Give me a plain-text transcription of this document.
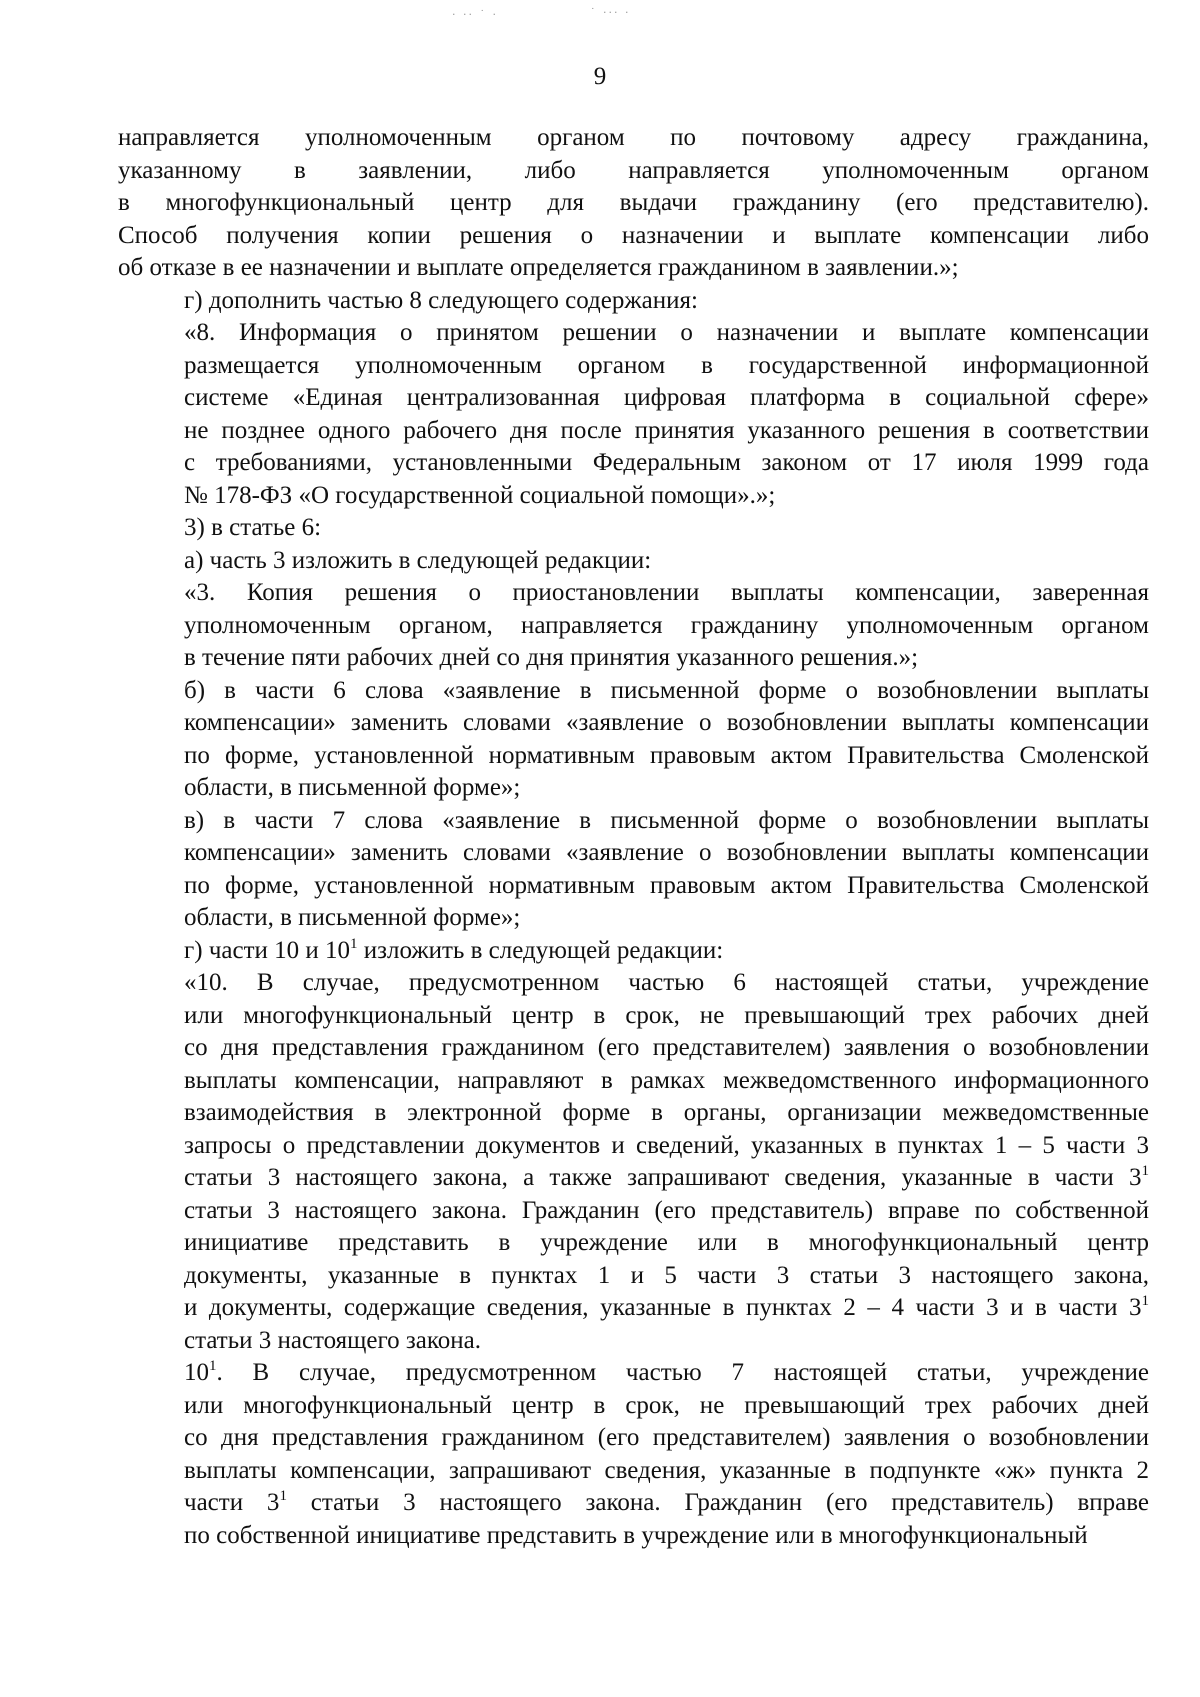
· ·· ˙ ·	˙ ··· ·
9
направляется уполномоченным органом по почтовому адресу гражданина,
указанному в заявлении, либо направляется уполномоченным органом
в многофункциональный центр для выдачи гражданину (его представителю).
Способ получения копии решения о назначении и выплате компенсации либо
об отказе в ее назначении и выплате определяется гражданином в заявлении.»;
г) дополнить частью 8 следующего содержания:
«8. Информация о принятом решении о назначении и выплате компенсации
размещается уполномоченным органом в государственной информационной
системе «Единая централизованная цифровая платформа в социальной сфере»
не позднее одного рабочего дня после принятия указанного решения в соответствии
с требованиями, установленными Федеральным законом от 17 июля 1999 года
№ 178-ФЗ «О государственной социальной помощи».»;
3) в статье 6:
а) часть 3 изложить в следующей редакции:
«3. Копия решения о приостановлении выплаты компенсации, заверенная
уполномоченным органом, направляется гражданину уполномоченным органом
в течение пяти рабочих дней со дня принятия указанного решения.»;
б) в части 6 слова «заявление в письменной форме о возобновлении выплаты
компенсации» заменить словами «заявление о возобновлении выплаты компенсации
по форме, установленной нормативным правовым актом Правительства Смоленской
области, в письменной форме»;
в) в части 7 слова «заявление в письменной форме о возобновлении выплаты
компенсации» заменить словами «заявление о возобновлении выплаты компенсации
по форме, установленной нормативным правовым актом Правительства Смоленской
области, в письменной форме»;
г) части 10 и $10^1$ изложить в следующей редакции:
«10. В случае, предусмотренном частью 6 настоящей статьи, учреждение
или многофункциональный центр в срок, не превышающий трех рабочих дней
со дня представления гражданином (его представителем) заявления о возобновлении
выплаты компенсации, направляют в рамках межведомственного информационного
взаимодействия в электронной форме в органы, организации межведомственные
запросы о представлении документов и сведений, указанных в пунктах 1 – 5 части 3
статьи 3 настоящего закона, а также запрашивают сведения, указанные в части $3^1$
статьи 3 настоящего закона. Гражданин (его представитель) вправе по собственной
инициативе представить в учреждение или в многофункциональный центр
документы, указанные в пунктах 1 и 5 части 3 статьи 3 настоящего закона,
и документы, содержащие сведения, указанные в пунктах 2 – 4 части 3 и в части $3^1$
статьи 3 настоящего закона.
$10^1$. В случае, предусмотренном частью 7 настоящей статьи, учреждение
или многофункциональный центр в срок, не превышающий трех рабочих дней
со дня представления гражданином (его представителем) заявления о возобновлении
выплаты компенсации, запрашивают сведения, указанные в подпункте «ж» пункта 2
части $3^1$ статьи 3 настоящего закона. Гражданин (его представитель) вправе
по собственной инициативе представить в учреждение или в многофункциональный
